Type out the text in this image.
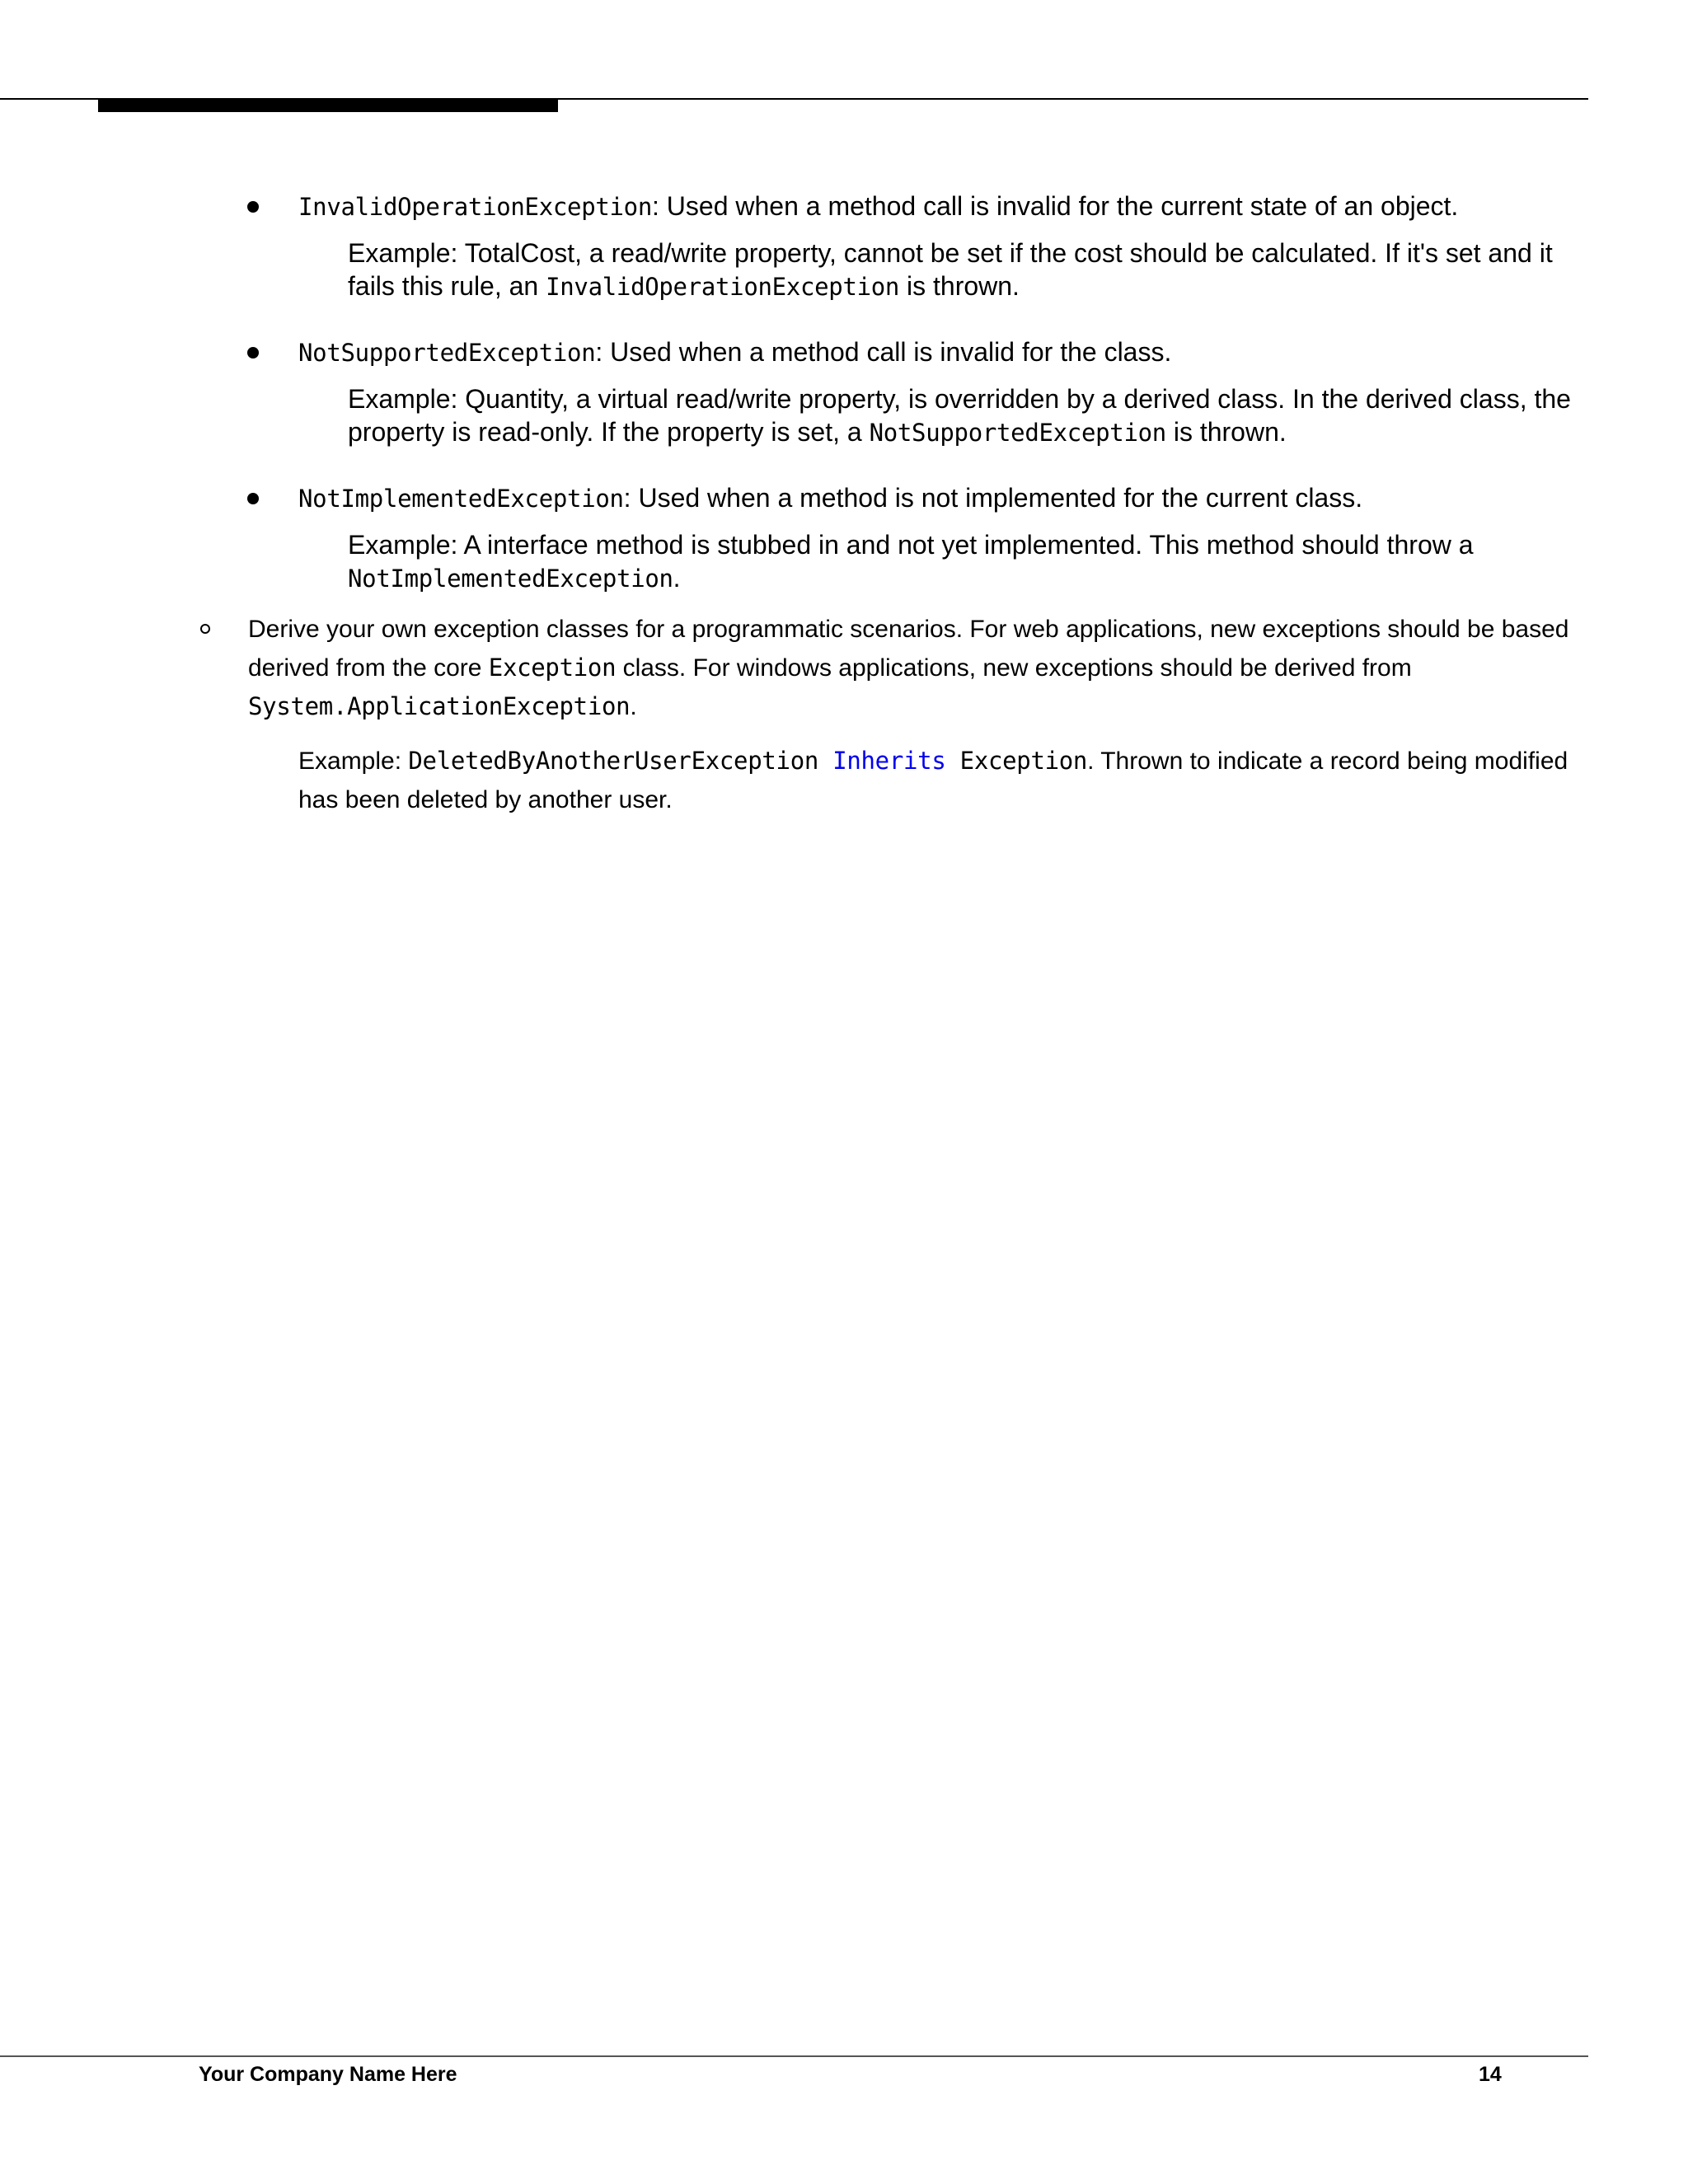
InvalidOperationException: Used when a method call is invalid for the current state of an object.
Example: TotalCost, a read/write property, cannot be set if the cost should be calculated. If it's set and it fails this rule, an InvalidOperationException is thrown.
NotSupportedException: Used when a method call is invalid for the class.
Example: Quantity, a virtual read/write property, is overridden by a derived class. In the derived class, the property is read-only. If the property is set, a NotSupportedException is thrown.
NotImplementedException: Used when a method is not implemented for the current class.
Example: A interface method is stubbed in and not yet implemented. This method should throw a NotImplementedException.
Derive your own exception classes for a programmatic scenarios. For web applications, new exceptions should be based derived from the core Exception class. For windows applications, new exceptions should be derived from System.ApplicationException.
Example: DeletedByAnotherUserException Inherits Exception. Thrown to indicate a record being modified has been deleted by another user.
Your Company Name Here	14
